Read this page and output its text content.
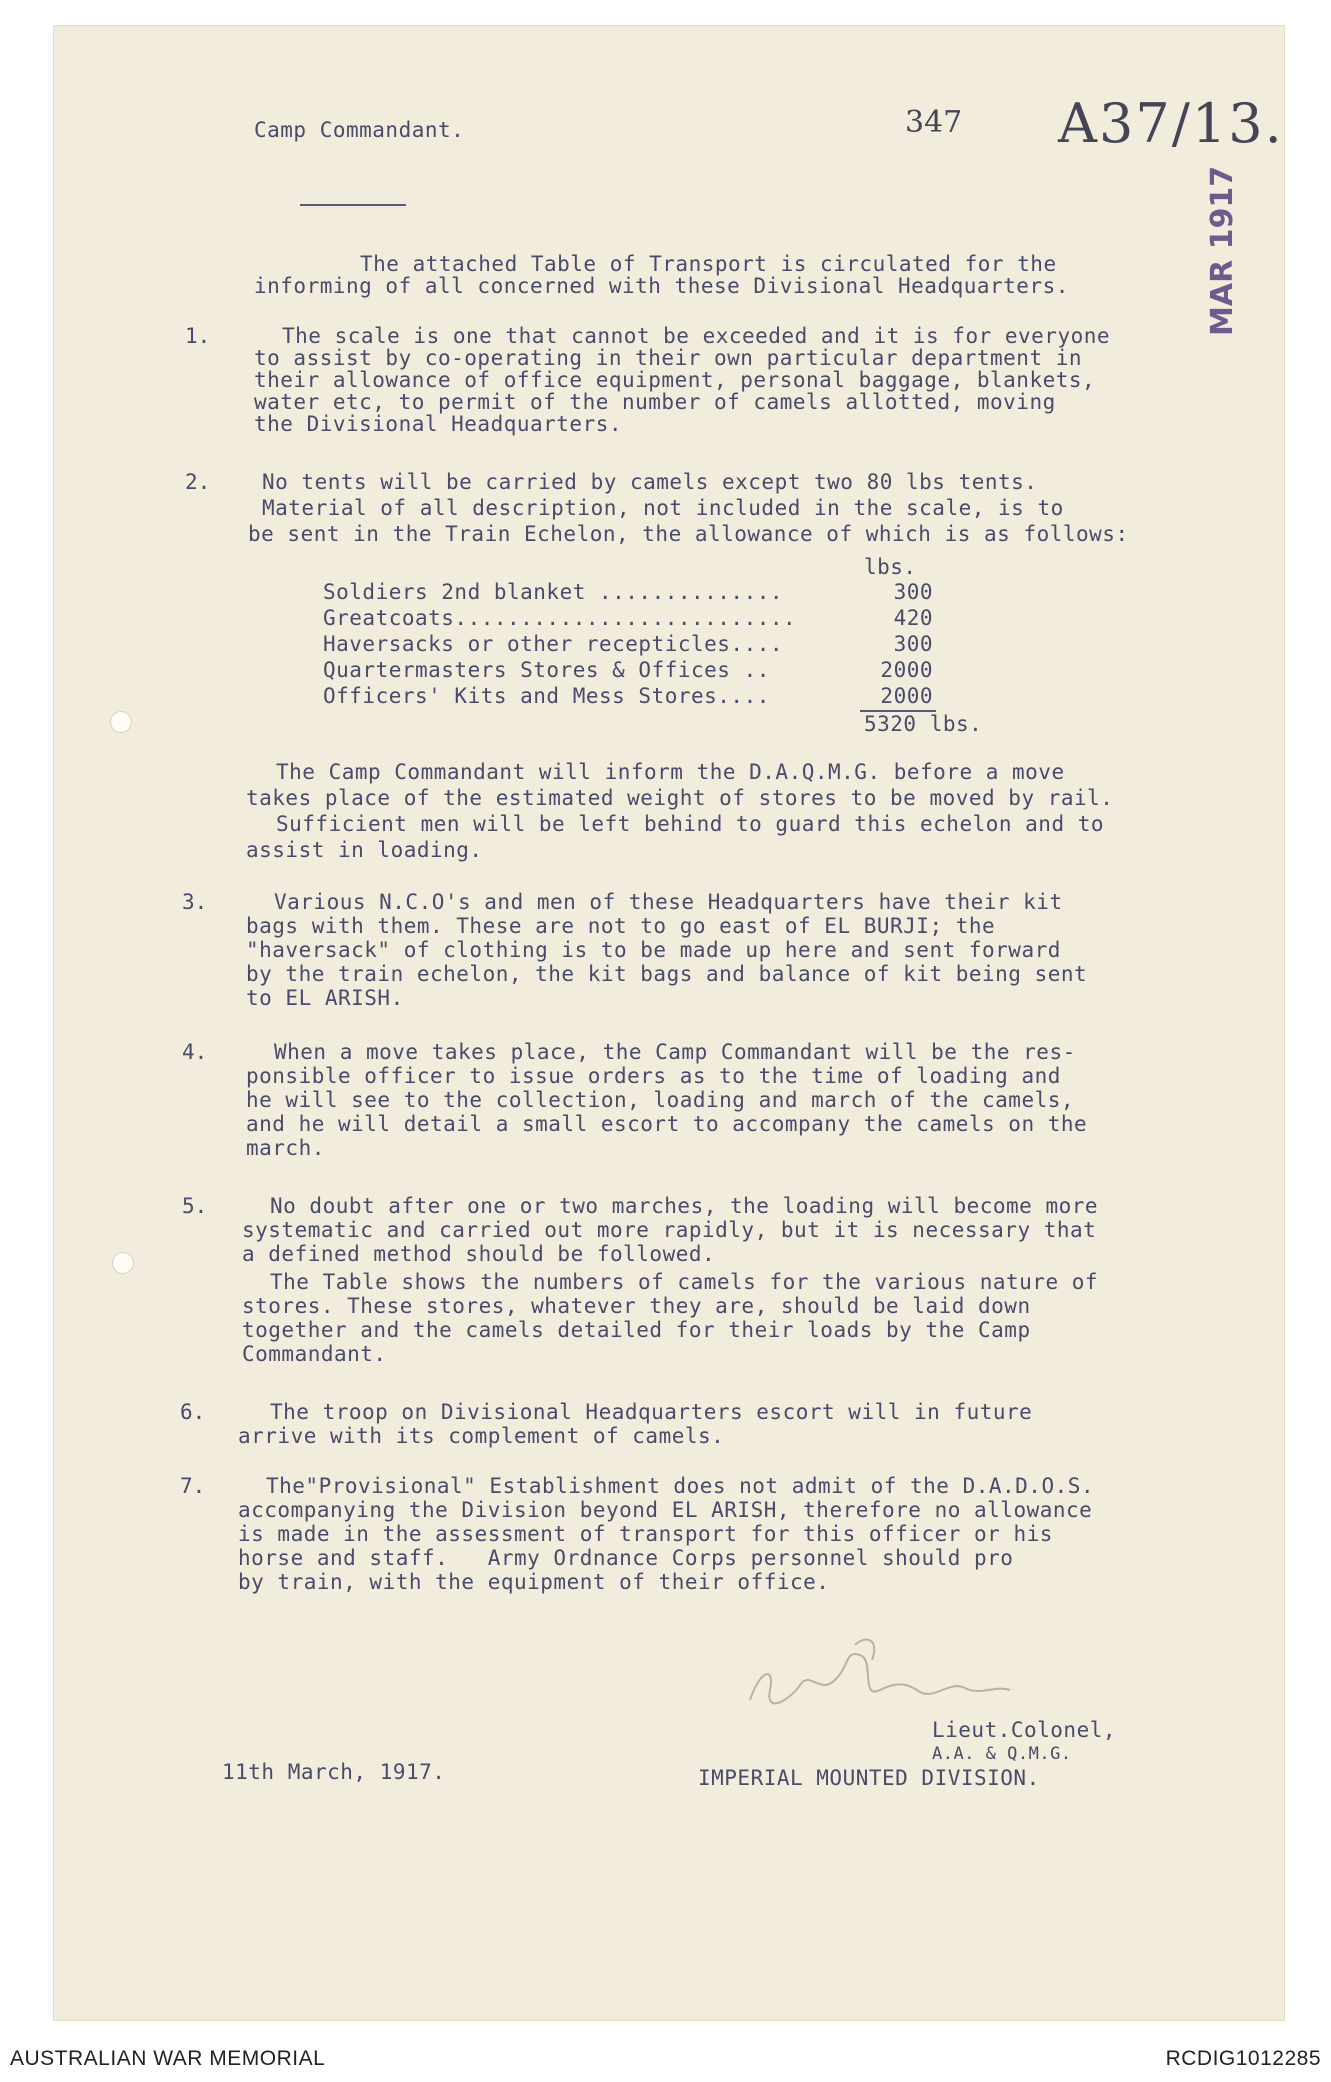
Camp Commandant.	347 A37/13.
MAR 1917
The attached Table of Transport is circulated for the
informing of all concerned with these Divisional Headquarters.
1.	The scale is one that cannot be exceeded and it is for everyone
to assist by co-operating in their own particular department in
their allowance of office equipment, personal baggage, blankets,
water etc, to permit of the number of camels allotted, moving
the Divisional Headquarters.
2. No tents will be carried by camels except two 80 lbs tents.
Material of all description, not included in the scale, is to
be sent in the Train Echelon, the allowance of which is as follows:
lbs.
Soldiers 2nd blanket ..............	300
Greatcoats..........................	420
Haversacks or other recepticles....	300
Quartermasters Stores & Offices ..	2000
Officers' Kits and Mess Stores....	2000
5320 lbs.
The Camp Commandant will inform the D.A.Q.M.G. before a move
takes place of the estimated weight of stores to be moved by rail.
Sufficient men will be left behind to guard this echelon and to
assist in loading.
3.	Various N.C.O's and men of these Headquarters have their kit
bags with them. These are not to go east of EL BURJI; the
"haversack" of clothing is to be made up here and sent forward
by the train echelon, the kit bags and balance of kit being sent
to EL ARISH.
4.	When a move takes place, the Camp Commandant will be the res-
ponsible officer to issue orders as to the time of loading and
he will see to the collection, loading and march of the camels,
and he will detail a small escort to accompany the camels on the
march.
5.	No doubt after one or two marches, the loading will become more
systematic and carried out more rapidly, but it is necessary that
a defined method should be followed.
The Table shows the numbers of camels for the various nature of
stores. These stores, whatever they are, should be laid down
together and the camels detailed for their loads by the Camp
Commandant.
6.	The troop on Divisional Headquarters escort will in future
arrive with its complement of camels.
7.	The"Provisional" Establishment does not admit of the D.A.D.O.S.
accompanying the Division beyond EL ARISH, therefore no allowance
is made in the assessment of transport for this officer or his
horse and staff.   Army Ordnance Corps personnel should pro
by train, with the equipment of their office.
Lieut.Colonel,
A.A. & Q.M.G.
IMPERIAL MOUNTED DIVISION.
11th March, 1917.
AUSTRALIAN WAR MEMORIAL	RCDIG1012285
